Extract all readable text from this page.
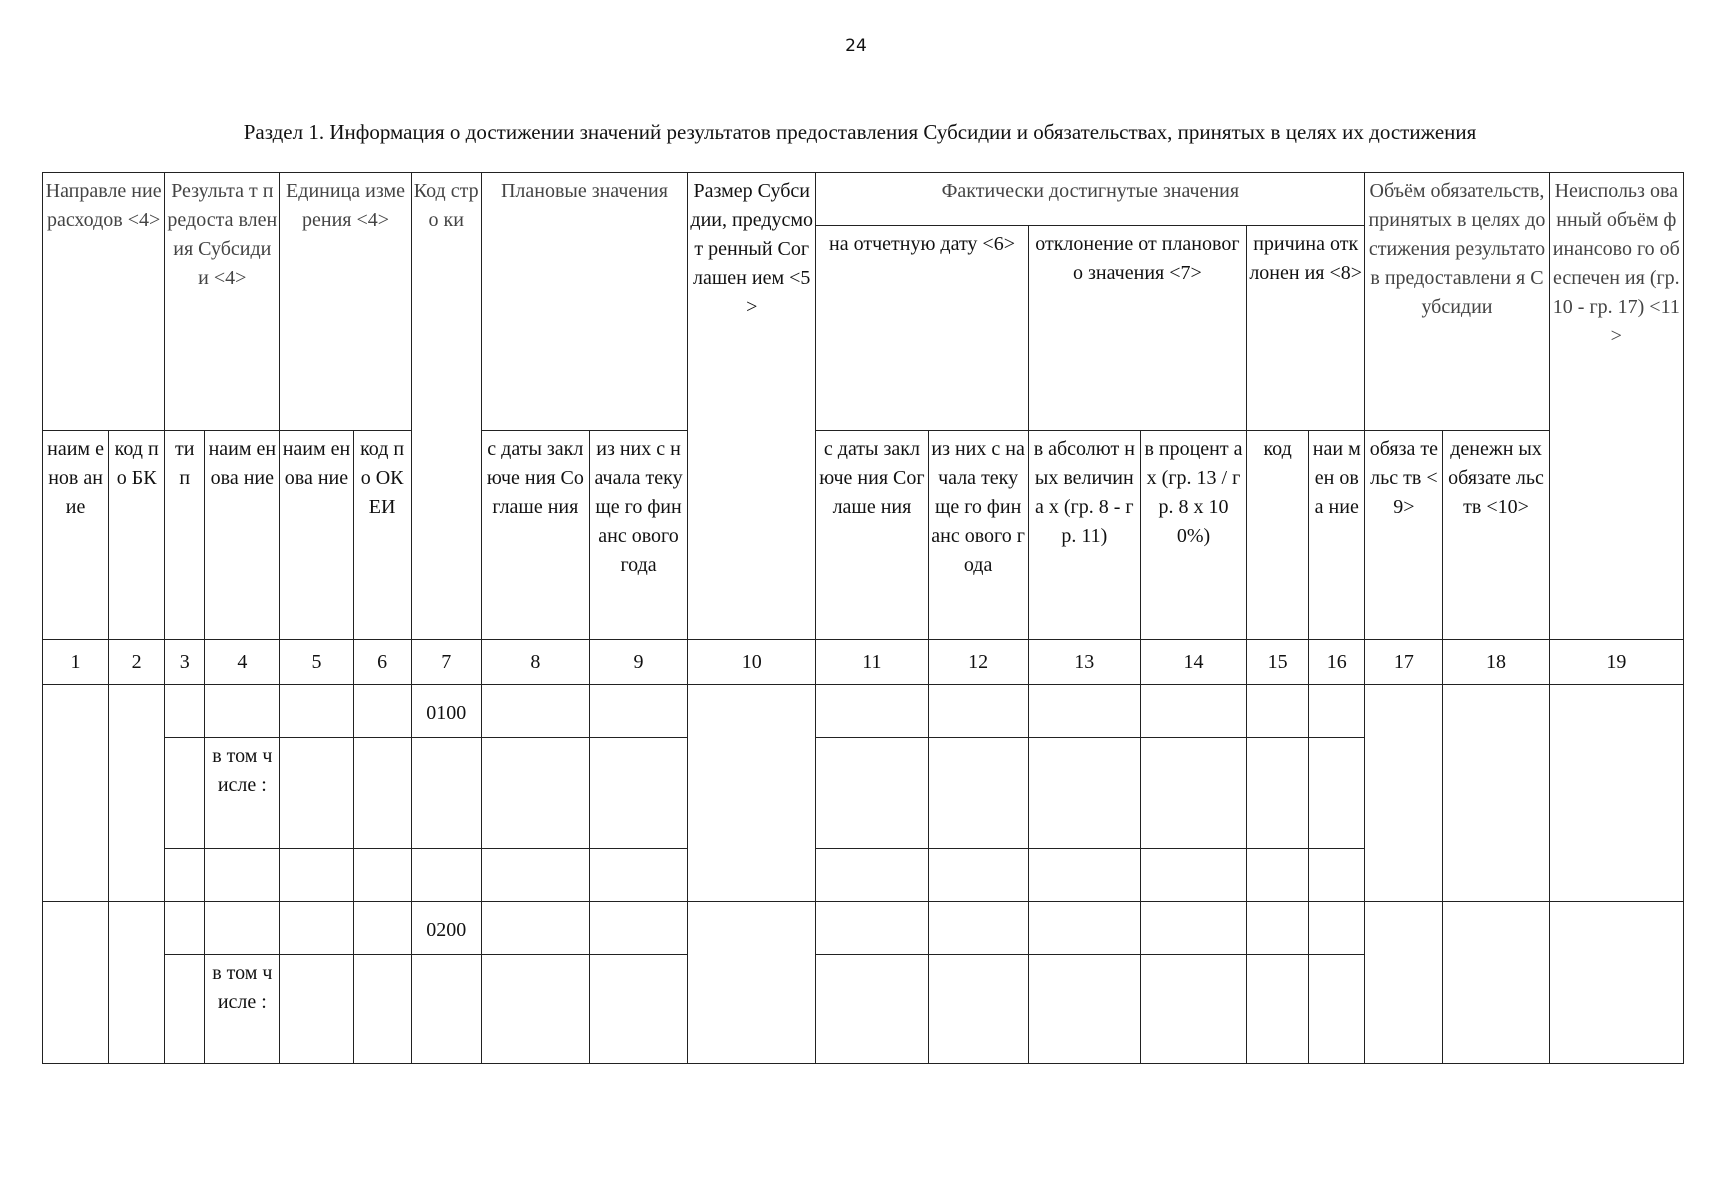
24
Раздел 1. Информация о достижении значений результатов предоставления Субсидии и обязательствах, принятых в целях их достижения
Направле ние расходов <4>		Результа т предоста вления Субсиди и <4>		Единица измерения <4>		Код стро ки	Плановые значения		Размер Субсидии, предусмот ренный Соглашен ием <5>	Фактически достигнутые значения						Объём обязательств, принятых в целях достижения результатов предоставлени я Субсидии		Неиспольз ованный объём финансово го обеспечен ия (гр. 10 - гр. 17) <11>
										на отчетную дату <6>		отклонение от планового значения <7>		причина отклонен ия <8>				
наим енов ание	код по БК	ти п	наим енова ние	наим енова ние	код по ОК ЕИ		с даты заключе ния Соглаше ния	из них с начала текуще го финанс ового года		с даты заключе ния Соглаше ния	из них с начала текуще го финанс ового года	в абсолют ных величина х (гр. 8 - гр. 11)	в процент ах (гр. 13 / гр. 8 х 100%)	код	наи мен ова ние	обяза тельс тв <9>	денежн ых обязате льств <10>	
1	2	3	4	5	6	7	8	9	10	11	12	13	14	15	16	17	18	19
						0100												
			в том числе :															

						0200												
			в том числе :															
